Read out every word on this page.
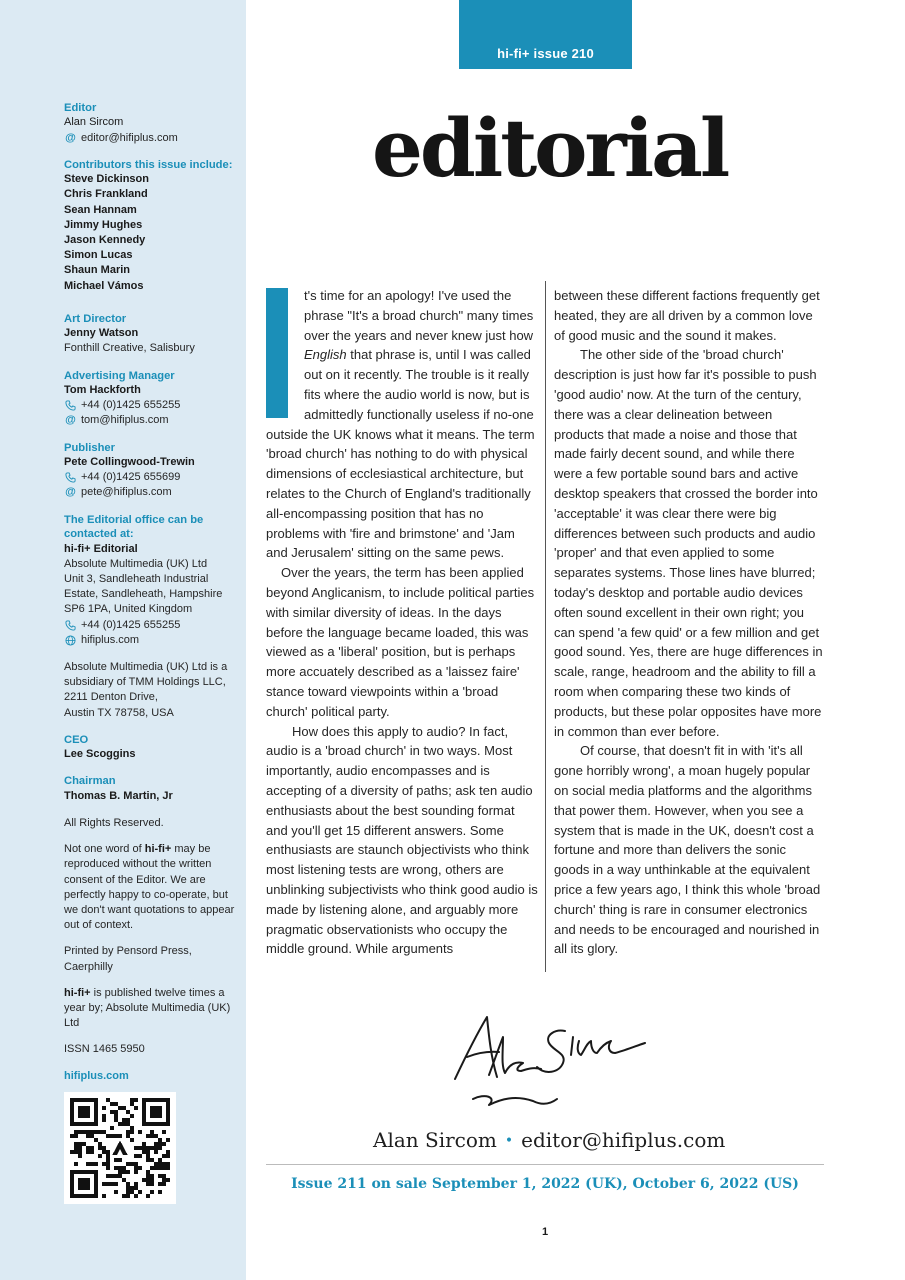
Editor
Alan Sircom
@ editor@hifiplus.com
Contributors this issue include:
Steve Dickinson
Chris Frankland
Sean Hannam
Jimmy Hughes
Jason Kennedy
Simon Lucas
Shaun Marin
Michael Vámos
Art Director
Jenny Watson
Fonthill Creative, Salisbury
Advertising Manager
Tom Hackforth
+44 (0)1425 655255
@ tom@hifiplus.com
Publisher
Pete Collingwood-Trewin
+44 (0)1425 655699
@ pete@hifiplus.com
The Editorial office can be contacted at:
hi-fi+ Editorial
Absolute Multimedia (UK) Ltd
Unit 3, Sandleheath Industrial
Estate, Sandleheath, Hampshire
SP6 1PA, United Kingdom
+44 (0)1425 655255
hifiplus.com
Absolute Multimedia (UK) Ltd is a
subsidiary of TMM Holdings LLC,
2211 Denton Drive,
Austin TX 78758, USA
CEO
Lee Scoggins
Chairman
Thomas B. Martin, Jr
All Rights Reserved.
Not one word of hi-fi+ may be reproduced without the written consent of the Editor. We are perfectly happy to co-operate, but we don't want quotations to appear out of context.
Printed by Pensord Press, Caerphilly
hi-fi+ is published twelve times a year by; Absolute Multimedia (UK) Ltd
ISSN 1465 5950
hifiplus.com
hi-fi+ issue 210
editorial

t's time for an apology! I've used the phrase "It's a broad church" many times over the years and never knew just how English that phrase is, until I was called out on it recently. The trouble is it really fits where the audio world is now, but is admittedly functionally useless if no-one outside the UK knows what it means. The term 'broad church' has nothing to do with physical dimensions of ecclesiastical architecture, but relates to the Church of England's traditionally all-encompassing position that has no problems with 'fire and brimstone' and 'Jam and Jerusalem' sitting on the same pews.

Over the years, the term has been applied beyond Anglicanism, to include political parties with similar diversity of ideas. In the days before the language became loaded, this was viewed as a 'liberal' position, but is perhaps more accuately described as a 'laissez faire' stance toward viewpoints within a 'broad church' political party.

How does this apply to audio? In fact, audio is a 'broad church' in two ways. Most importantly, audio encompasses and is accepting of a diversity of paths; ask ten audio enthusiasts about the best sounding format and you'll get 15 different answers. Some enthusiasts are staunch objectivists who think most listening tests are wrong, others are unblinking subjectivists who think good audio is made by listening alone, and arguably more pragmatic observationists who occupy the middle ground. While arguments

between these different factions frequently get heated, they are all driven by a common love of good music and the sound it makes.

The other side of the 'broad church' description is just how far it's possible to push 'good audio' now. At the turn of the century, there was a clear delineation between products that made a noise and those that made fairly decent sound, and while there were a few portable sound bars and active desktop speakers that crossed the border into 'acceptable' it was clear there were big differences between such products and audio 'proper' and that even applied to some separates systems. Those lines have blurred; today's desktop and portable audio devices often sound excellent in their own right; you can spend 'a few quid' or a few million and get good sound. Yes, there are huge differences in scale, range, headroom and the ability to fill a room when comparing these two kinds of products, but these polar opposites have more in common than ever before.

Of course, that doesn't fit in with 'it's all gone horribly wrong', a moan hugely popular on social media platforms and the algorithms that power them. However, when you see a system that is made in the UK, doesn't cost a fortune and more than delivers the sonic goods in a way unthinkable at the equivalent price a few years ago, I think this whole 'broad church' thing is rare in consumer electronics and needs to be encouraged and nourished in all its glory.

Alan Sircom • editor@hifiplus.com
Issue 211 on sale September 1, 2022 (UK), October 6, 2022 (US)
1
